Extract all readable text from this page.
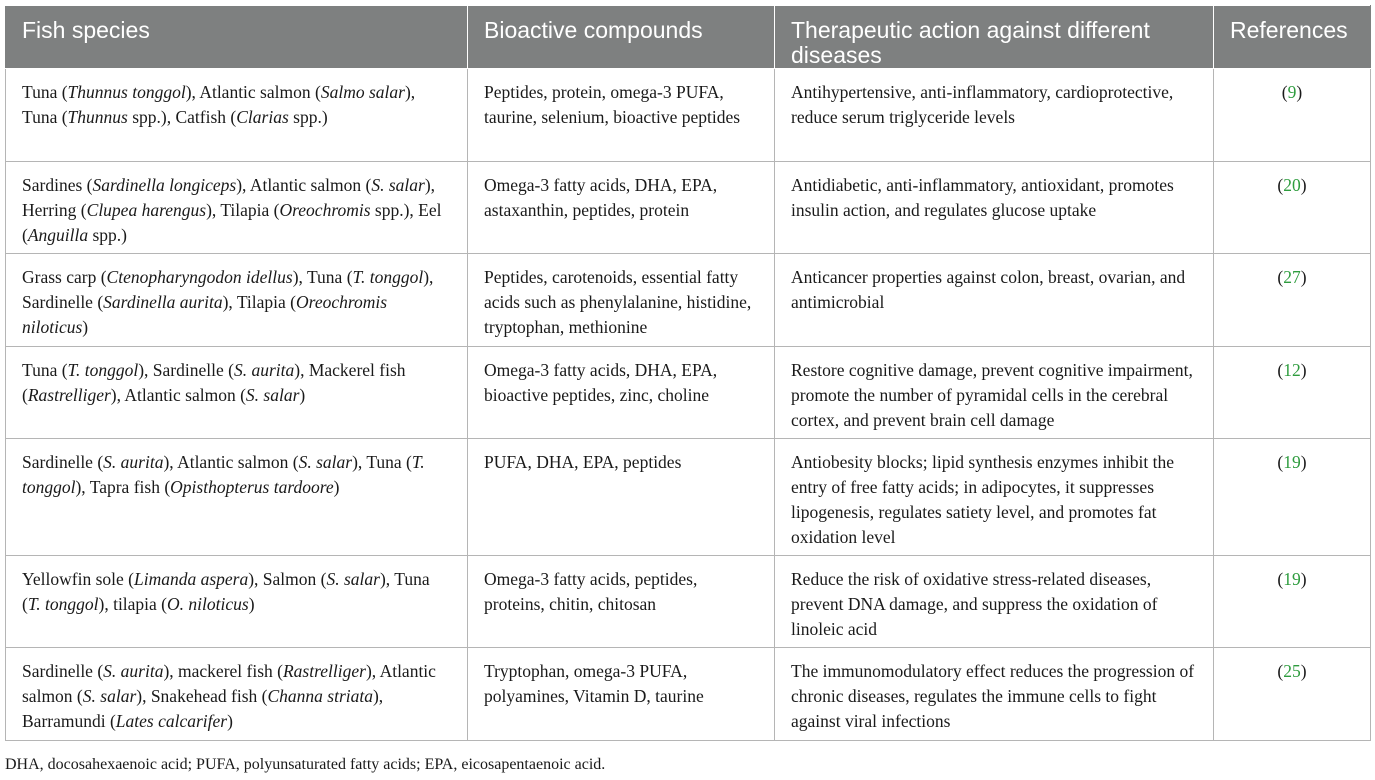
Fish species	Bioactive compounds	Therapeutic action against different diseases	References
Tuna (Thunnus tonggol), Atlantic salmon (Salmo salar), Tuna (Thunnus spp.), Catfish (Clarias spp.)	Peptides, protein, omega-3 PUFA, taurine, selenium, bioactive peptides	Antihypertensive, anti-inflammatory, cardioprotective, reduce serum triglyceride levels	(9)
Sardines (Sardinella longiceps), Atlantic salmon (S. salar), Herring (Clupea harengus), Tilapia (Oreochromis spp.), Eel (Anguilla spp.)	Omega-3 fatty acids, DHA, EPA, astaxanthin, peptides, protein	Antidiabetic, anti-inflammatory, antioxidant, promotes insulin action, and regulates glucose uptake	(20)
Grass carp (Ctenopharyngodon idellus), Tuna (T. tonggol), Sardinelle (Sardinella aurita), Tilapia (Oreochromis niloticus)	Peptides, carotenoids, essential fatty acids such as phenylalanine, histidine, tryptophan, methionine	Anticancer properties against colon, breast, ovarian, and antimicrobial	(27)
Tuna (T. tonggol), Sardinelle (S. aurita), Mackerel fish (Rastrelliger), Atlantic salmon (S. salar)	Omega-3 fatty acids, DHA, EPA, bioactive peptides, zinc, choline	Restore cognitive damage, prevent cognitive impairment, promote the number of pyramidal cells in the cerebral cortex, and prevent brain cell damage	(12)
Sardinelle (S. aurita), Atlantic salmon (S. salar), Tuna (T. tonggol), Tapra fish (Opisthopterus tardoore)	PUFA, DHA, EPA, peptides	Antiobesity blocks; lipid synthesis enzymes inhibit the entry of free fatty acids; in adipocytes, it suppresses lipogenesis, regulates satiety level, and promotes fat oxidation level	(19)
Yellowfin sole (Limanda aspera), Salmon (S. salar), Tuna (T. tonggol), tilapia (O. niloticus)	Omega-3 fatty acids, peptides, proteins, chitin, chitosan	Reduce the risk of oxidative stress-related diseases, prevent DNA damage, and suppress the oxidation of linoleic acid	(19)
Sardinelle (S. aurita), mackerel fish (Rastrelliger), Atlantic salmon (S. salar), Snakehead fish (Channa striata), Barramundi (Lates calcarifer)	Tryptophan, omega-3 PUFA, polyamines, Vitamin D, taurine	The immunomodulatory effect reduces the progression of chronic diseases, regulates the immune cells to fight against viral infections	(25)

DHA, docosahexaenoic acid; PUFA, polyunsaturated fatty acids; EPA, eicosapentaenoic acid.
